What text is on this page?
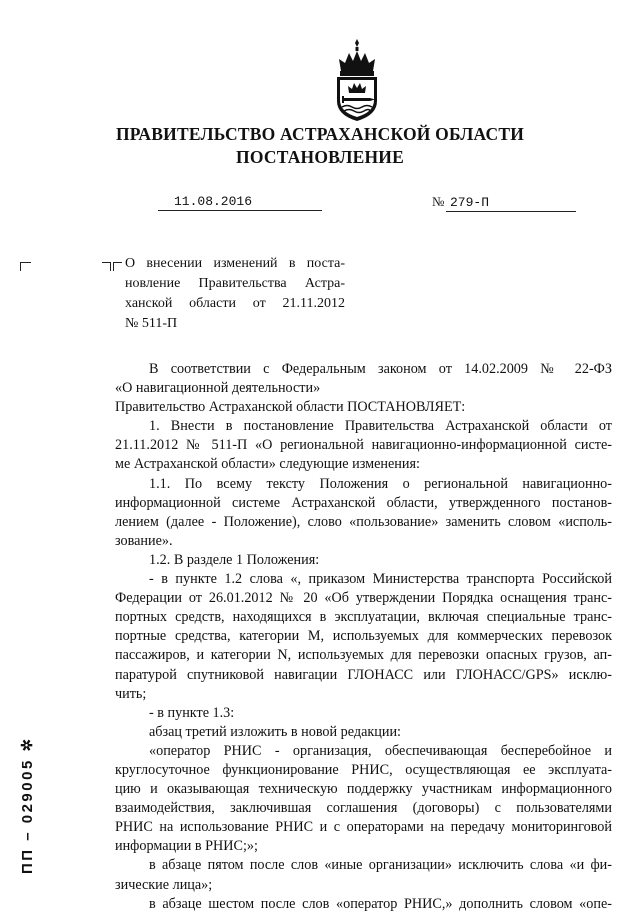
ПРАВИТЕЛЬСТВО АСТРАХАНСКОЙ ОБЛАСТИ
ПОСТАНОВЛЕНИЕ
11.08.2016	№ 279-П
О внесении изменений в поста-
новление Правительства Астра-
ханской области от 21.11.2012
№ 511-П
В соответствии с Федеральным законом от 14.02.2009 № 22-ФЗ
«О навигационной деятельности»
Правительство Астраханской области ПОСТАНОВЛЯЕТ:
1. Внести в постановление Правительства Астраханской области от
21.11.2012 № 511-П «О региональной навигационно-информационной систе-
ме Астраханской области» следующие изменения:
1.1. По всему тексту Положения о региональной навигационно-
информационной системе Астраханской области, утвержденного постанов-
лением (далее - Положение), слово «пользование» заменить словом «исполь-
зование».
1.2. В разделе 1 Положения:
- в пункте 1.2 слова «, приказом Министерства транспорта Российской
Федерации от 26.01.2012 № 20 «Об утверждении Порядка оснащения транс-
портных средств, находящихся в эксплуатации, включая специальные транс-
портные средства, категории М, используемых для коммерческих перевозок
пассажиров, и категории N, используемых для перевозки опасных грузов, ап-
паратурой спутниковой навигации ГЛОНАСС или ГЛОНАСС/GPS» исклю-
чить;
- в пункте 1.3:
абзац третий изложить в новой редакции:
«оператор РНИС - организация, обеспечивающая бесперебойное и
круглосуточное функционирование РНИС, осуществляющая ее эксплуата-
цию и оказывающая техническую поддержку участникам информационного
взаимодействия, заключившая соглашения (договоры) с пользователями
РНИС на использование РНИС и с операторами на передачу мониторинговой
информации в РНИС;»;
в абзаце пятом после слов «иные организации» исключить слова «и фи-
зические лица»;
в абзаце шестом после слов «оператор РНИС,» дополнить словом «опе-
ПП – 029005 ✲
